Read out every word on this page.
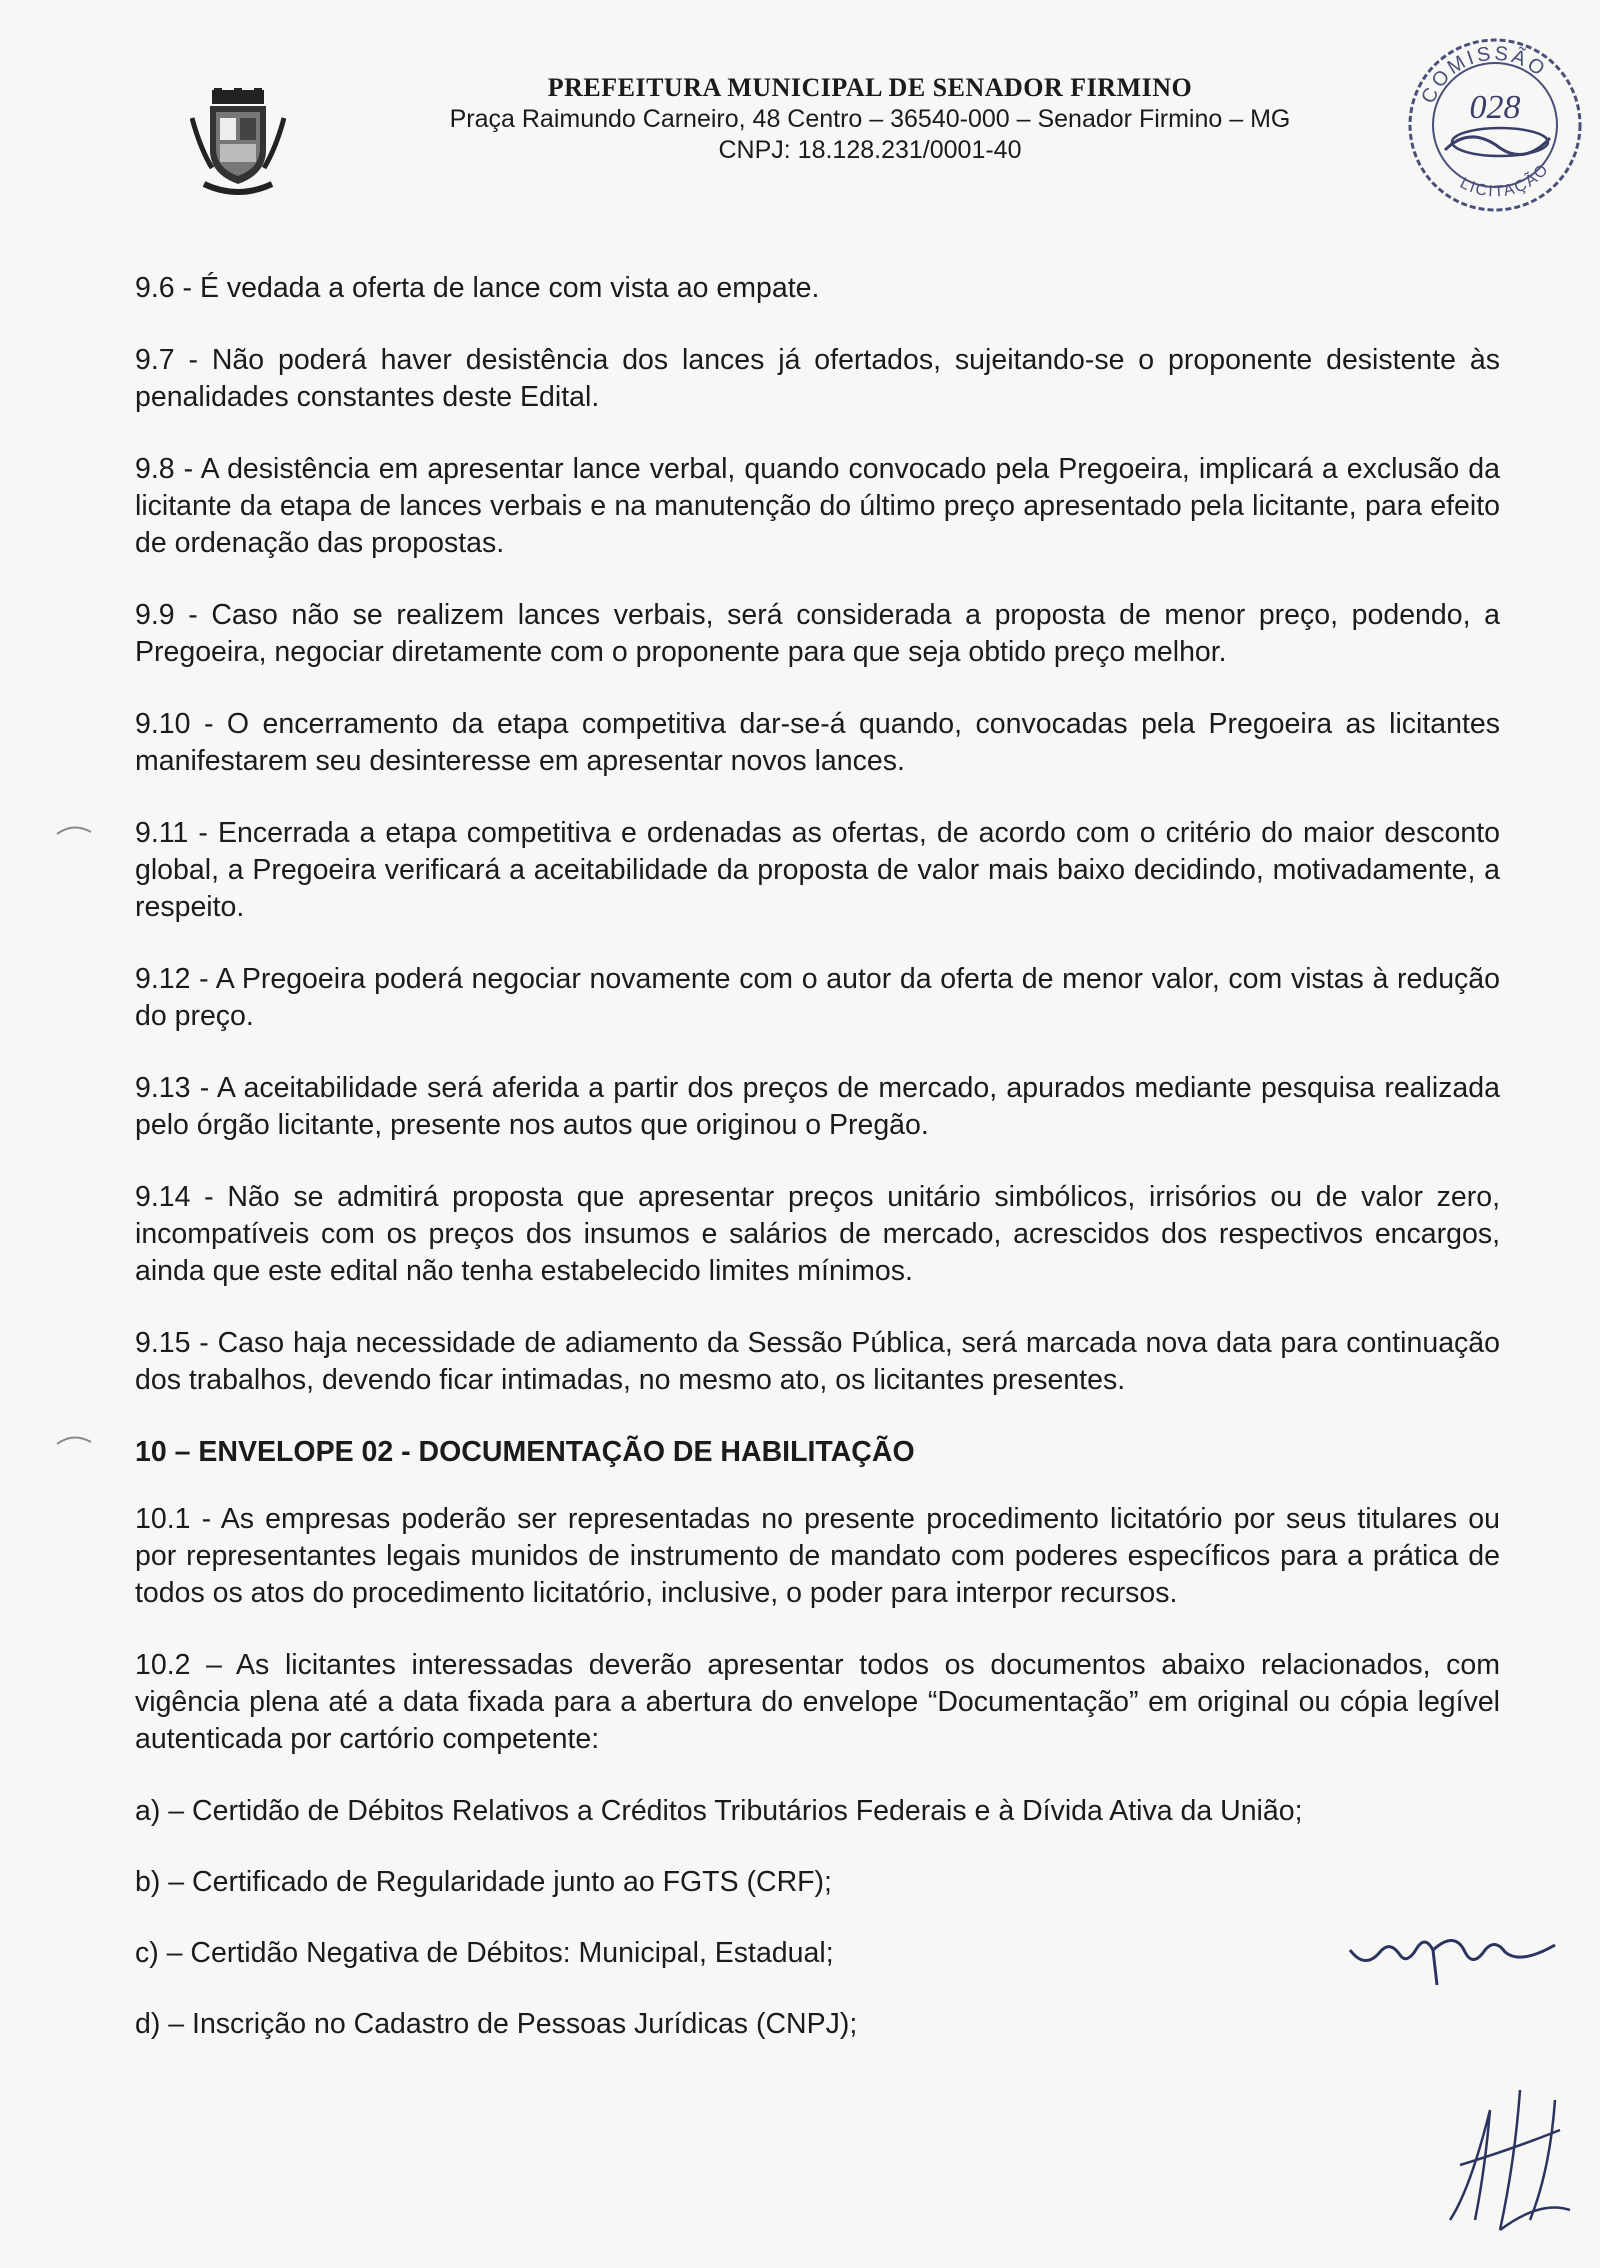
PREFEITURA MUNICIPAL DE SENADOR FIRMINO
Praça Raimundo Carneiro, 48 Centro – 36540-000 – Senador Firmino – MG
CNPJ: 18.128.231/0001-40
COMISSÃO
LICITAÇÃO
028

9.6 - É vedada a oferta de lance com vista ao empate.

9.7 - Não poderá haver desistência dos lances já ofertados, sujeitando-se o proponente desistente às penalidades constantes deste Edital.

9.8 - A desistência em apresentar lance verbal, quando convocado pela Pregoeira, implicará a exclusão da licitante da etapa de lances verbais e na manutenção do último preço apresentado pela licitante, para efeito de ordenação das propostas.

9.9 - Caso não se realizem lances verbais, será considerada a proposta de menor preço, podendo, a Pregoeira, negociar diretamente com o proponente para que seja obtido preço melhor.

9.10 - O encerramento da etapa competitiva dar-se-á quando, convocadas pela Pregoeira as licitantes manifestarem seu desinteresse em apresentar novos lances.

9.11 - Encerrada a etapa competitiva e ordenadas as ofertas, de acordo com o critério do maior desconto global, a Pregoeira verificará a aceitabilidade da proposta de valor mais baixo decidindo, motivadamente, a respeito.

9.12 - A Pregoeira poderá negociar novamente com o autor da oferta de menor valor, com vistas à redução do preço.

9.13 - A aceitabilidade será aferida a partir dos preços de mercado, apurados mediante pesquisa realizada pelo órgão licitante, presente nos autos que originou o Pregão.

9.14 - Não se admitirá proposta que apresentar preços unitário simbólicos, irrisórios ou de valor zero, incompatíveis com os preços dos insumos e salários de mercado, acrescidos dos respectivos encargos, ainda que este edital não tenha estabelecido limites mínimos.

9.15 - Caso haja necessidade de adiamento da Sessão Pública, será marcada nova data para continuação dos trabalhos, devendo ficar intimadas, no mesmo ato, os licitantes presentes.

10 – ENVELOPE 02 - DOCUMENTAÇÃO DE HABILITAÇÃO

10.1 - As empresas poderão ser representadas no presente procedimento licitatório por seus titulares ou por representantes legais munidos de instrumento de mandato com poderes específicos para a prática de todos os atos do procedimento licitatório, inclusive, o poder para interpor recursos.

10.2 – As licitantes interessadas deverão apresentar todos os documentos abaixo relacionados, com vigência plena até a data fixada para a abertura do envelope “Documentação” em original ou cópia legível autenticada por cartório competente:

a) – Certidão de Débitos Relativos a Créditos Tributários Federais e à Dívida Ativa da União;
b) – Certificado de Regularidade junto ao FGTS (CRF);
c) – Certidão Negativa de Débitos: Municipal, Estadual;
d) – Inscrição no Cadastro de Pessoas Jurídicas (CNPJ);
